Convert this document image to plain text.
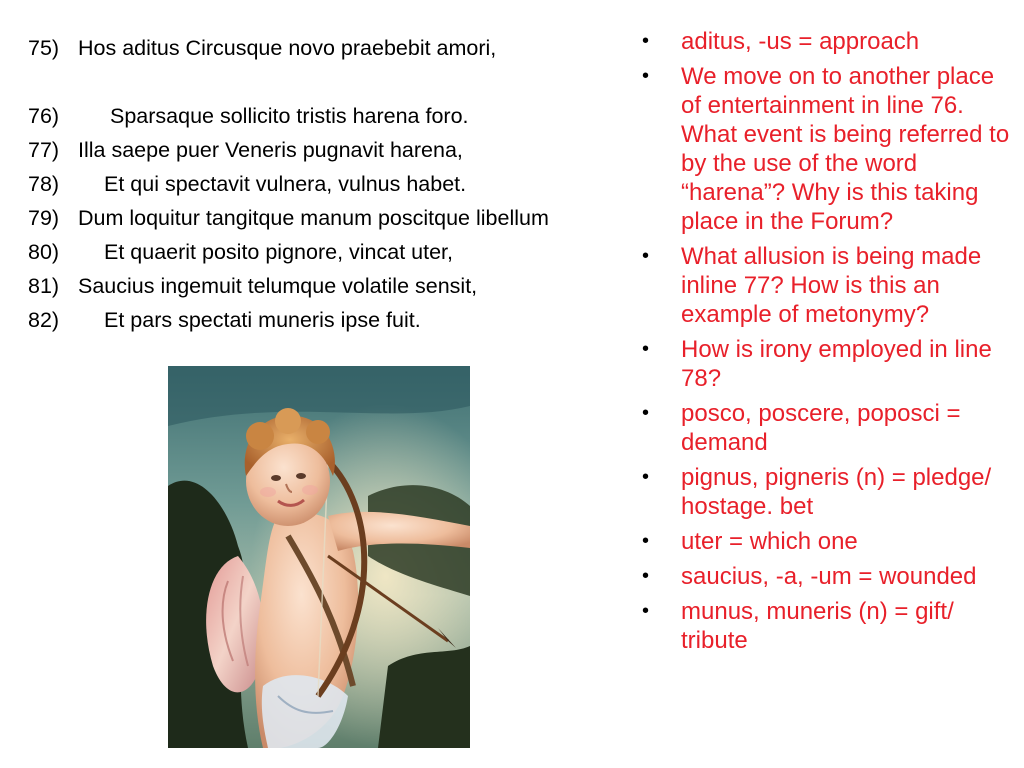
75) Hos aditus Circusque novo praebebit amori,
76)	Sparsaque sollicito tristis harena foro.
77) Illa saepe puer Veneris pugnavit harena,
78)	Et qui spectavit vulnera, vulnus habet.
79) Dum loquitur tangitque manum poscitque libellum
80)	Et quaerit posito pignore, vincat uter,
81) Saucius ingemuit telumque volatile sensit,
82)	Et pars spectati muneris ipse fuit.
• aditus, -us = approach
• We move on to another place of entertainment in line 76. What event is being referred to by the use of the word “harena”? Why is this taking place in the Forum?
• What allusion is being made inline 77? How is this an example of metonymy?
• How is irony employed in line 78?
• posco, poscere, poposci = demand
• pignus, pigneris (n) = pledge/ hostage. bet
• uter = which one
• saucius, -a, -um = wounded
• munus, muneris (n) = gift/ tribute
